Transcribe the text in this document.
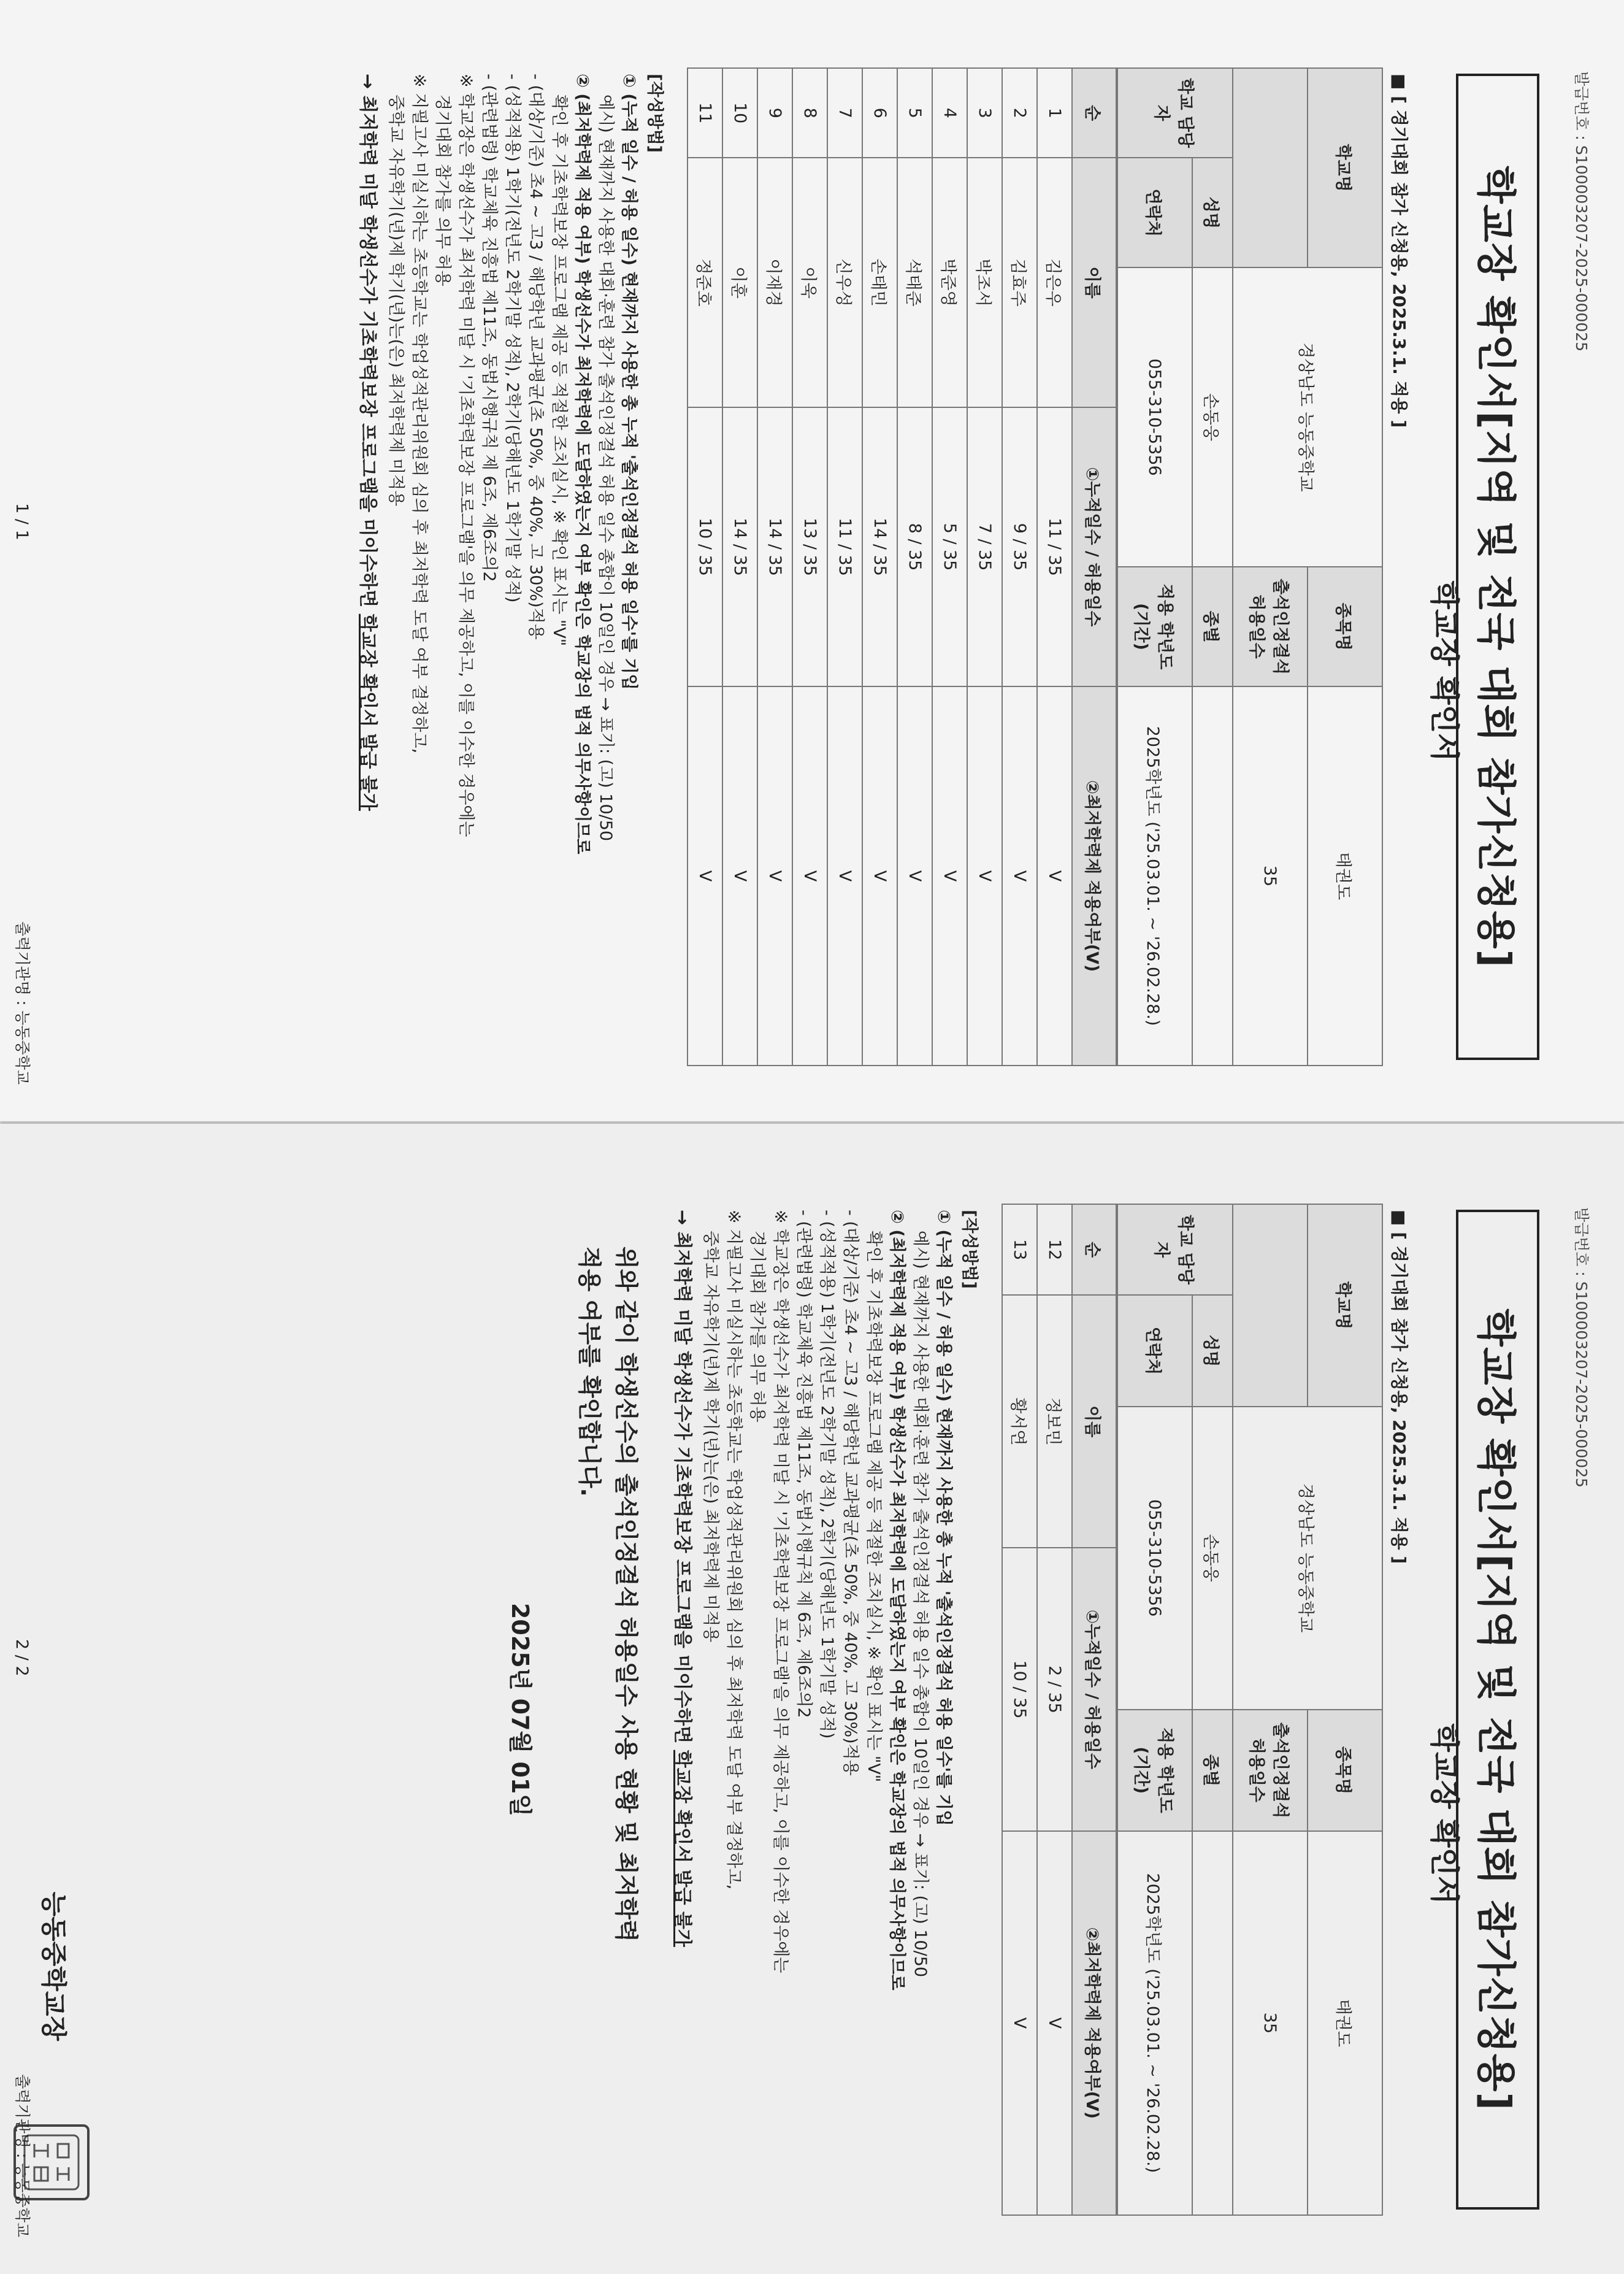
발급번호 : S100003207-2025-000025
학교장 확인서[지역 및 전국 대회 참가신청용]
학교장 확인서
■ [ 경기대회 참가 신청용, 2025.3.1. 적용 ]
학교명		경상남도 능동중학교	종목명	태권도
			출석인정결석 허용일수	35
학교 담당자	성명	손동웅	종별	
	연락처	055-310-5356	적용 학년도 (기간)	2025학년도 ('25.03.01. ~ '26.02.28.)
순	이름	①누적일수 / 허용일수	②최저학력제 적용여부(V)
1	김은우	11 / 35	V
2	김효주	9 / 35	V
3	박조서	7 / 35	V
4	박준영	5 / 35	V
5	석태준	8 / 35	V
6	손태민	14 / 35	V
7	신우성	11 / 35	V
8	이욱	13 / 35	V
9	이재경	14 / 35	V
10	이훈	14 / 35	V
11	정준호	10 / 35	V
[작성방법]
① (누적 일수 / 허용 일수) 현재까지 사용한 총 누적 '출석인정결석 허용 일수'를 기입
예시) 현재까지 사용한 대회·훈련 참가 출석인정결석 허용 일수 총합이 10일인 경우 → 표기: (고) 10/50
② (최저학력제 적용 여부) 학생선수가 최저학력에 도달하였는지 여부 확인은 학교장의 법적 의무사항이므로
확인 후 기초학력보장 프로그램 제공 등 적절한 조치실시, ※ 확인 표시는 "V"
- (대상/기준) 초4 ~ 고3 / 해당학년 교과평균(초 50%, 중 40%, 고 30%)적용
- (성적적용) 1학기(전년도 2학기말 성적), 2학기(당해년도 1학기말 성적)
- (관련법령) 학교체육 진흥법 제11조, 동법시행규칙 제 6조, 제6조의2
※ 학교장은 학생선수가 최저학력 미달 시 '기초학력보장 프로그램'을 의무 제공하고, 이를 이수한 경우에는
경기대회 참가를 의무 허용
※ 지필고사 미실시하는 초등학교는 학업성적관리위원회 심의 후 최저학력 도달 여부 결정하고,
중학교 자유학기(년)제 학기(년)는(은) 최저학력제 미적용
→ 최저학력 미달 학생선수가 기초학력보장 프로그램을 미이수하면 학교장 확인서 발급 불가
1 / 1
출력기관명 : 능동중학교
발급번호 : S100003207-2025-000025
학교장 확인서[지역 및 전국 대회 참가신청용]
학교장 확인서
■ [ 경기대회 참가 신청용, 2025.3.1. 적용 ]
학교명		경상남도 능동중학교	종목명	태권도
			출석인정결석 허용일수	35
학교 담당자	성명	손동웅	종별	
	연락처	055-310-5356	적용 학년도 (기간)	2025학년도 ('25.03.01. ~ '26.02.28.)
순	이름	①누적일수 / 허용일수	②최저학력제 적용여부(V)
12	정보민	2 / 35	V
13	황서연	10 / 35	V
[작성방법]
① (누적 일수 / 허용 일수) 현재까지 사용한 총 누적 '출석인정결석 허용 일수'를 기입
예시) 현재까지 사용한 대회·훈련 참가 출석인정결석 허용 일수 총합이 10일인 경우 → 표기: (고) 10/50
② (최저학력제 적용 여부) 학생선수가 최저학력에 도달하였는지 여부 확인은 학교장의 법적 의무사항이므로
확인 후 기초학력보장 프로그램 제공 등 적절한 조치실시, ※ 확인 표시는 "V"
- (대상/기준) 초4 ~ 고3 / 해당학년 교과평균(초 50%, 중 40%, 고 30%)적용
- (성적적용) 1학기(전년도 2학기말 성적), 2학기(당해년도 1학기말 성적)
- (관련법령) 학교체육 진흥법 제11조, 동법시행규칙 제 6조, 제6조의2
※ 학교장은 학생선수가 최저학력 미달 시 '기초학력보장 프로그램'을 의무 제공하고, 이를 이수한 경우에는
경기대회 참가를 의무 허용
※ 지필고사 미실시하는 초등학교는 학업성적관리위원회 심의 후 최저학력 도달 여부 결정하고,
중학교 자유학기(년)제 학기(년)는(은) 최저학력제 미적용
→ 최저학력 미달 학생선수가 기초학력보장 프로그램을 미이수하면 학교장 확인서 발급 불가
위와 같이 학생선수의 출석인정결석 허용일수 사용 현황 및 최저학력
적용 여부를 확인합니다.
2025년 07월 01일
능동중학교장
2 / 2
출력기관명 : 능동중학교
